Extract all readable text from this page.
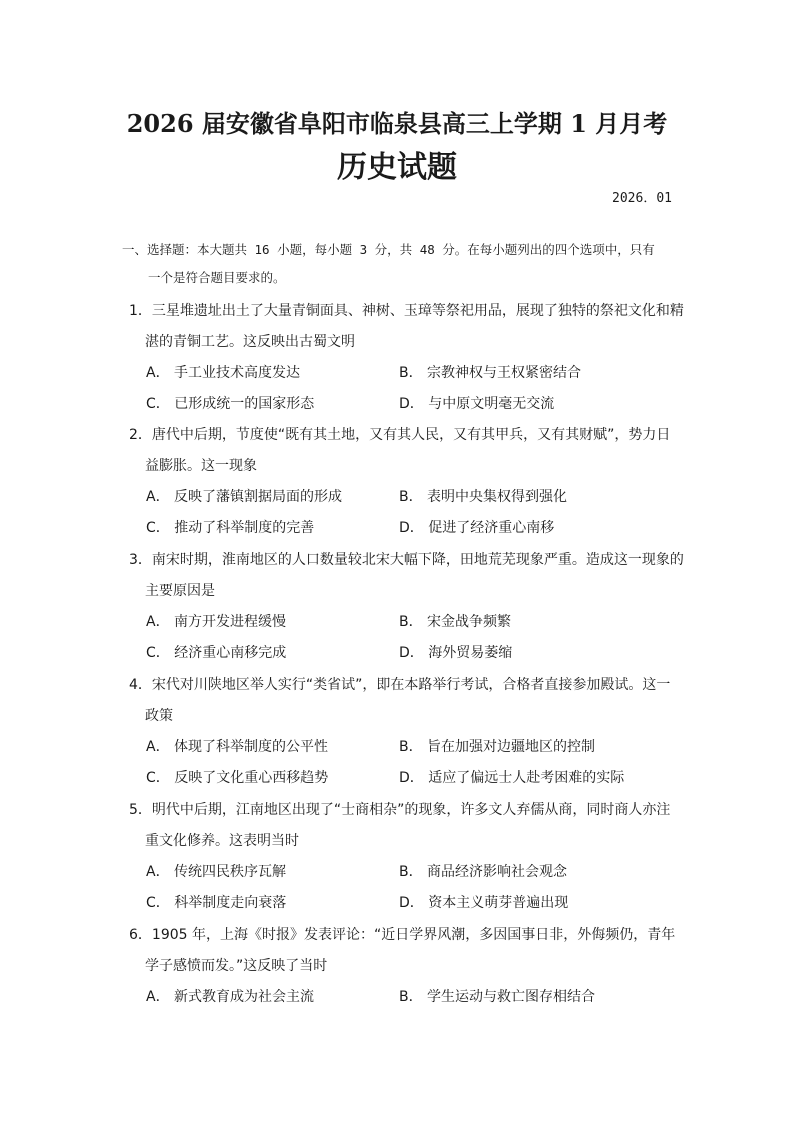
2026 届安徽省阜阳市临泉县高三上学期 1 月月考
历史试题
2026．01
一、选择题：本大题共 16 小题，每小题 3 分，共 48 分。在每小题列出的四个选项中，只有
一个是符合题目要求的。
1．三星堆遗址出土了大量青铜面具、神树、玉璋等祭祀用品，展现了独特的祭祀文化和精
湛的青铜工艺。这反映出古蜀文明
A． 手工业技术高度发达	B． 宗教神权与王权紧密结合
C． 已形成统一的国家形态	D． 与中原文明毫无交流
2．唐代中后期，节度使“既有其土地，又有其人民，又有其甲兵，又有其财赋”，势力日
益膨胀。这一现象
A． 反映了藩镇割据局面的形成	B． 表明中央集权得到强化
C． 推动了科举制度的完善	D． 促进了经济重心南移
3．南宋时期，淮南地区的人口数量较北宋大幅下降，田地荒芜现象严重。造成这一现象的
主要原因是
A． 南方开发进程缓慢	B． 宋金战争频繁
C． 经济重心南移完成	D． 海外贸易萎缩
4．宋代对川陕地区举人实行“类省试”，即在本路举行考试，合格者直接参加殿试。这一
政策
A． 体现了科举制度的公平性	B． 旨在加强对边疆地区的控制
C． 反映了文化重心西移趋势	D． 适应了偏远士人赴考困难的实际
5．明代中后期，江南地区出现了“士商相杂”的现象，许多文人弃儒从商，同时商人亦注
重文化修养。这表明当时
A． 传统四民秩序瓦解	B． 商品经济影响社会观念
C． 科举制度走向衰落	D． 资本主义萌芽普遍出现
6．1905 年，上海《时报》发表评论：“近日学界风潮，多因国事日非，外侮频仍，青年
学子感愤而发。”这反映了当时
A． 新式教育成为社会主流	B． 学生运动与救亡图存相结合
